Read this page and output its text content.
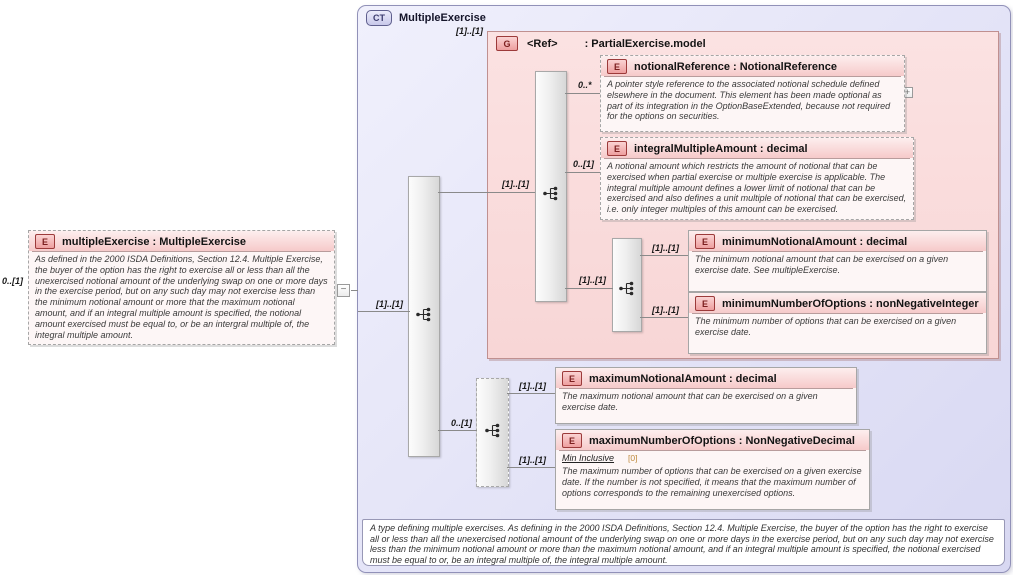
CT	MultipleExercise
G	<Ref> : PartialExercise.model
−
+
0..[1]
[1]..[1]
[1]..[1]
[1]..[1]
0..[1]
0..*
0..[1]
[1]..[1]
[1]..[1]
[1]..[1]
[1]..[1]
[1]..[1]
E	multipleExercise : MultipleExercise
As defined in the 2000 ISDA Definitions, Section 12.4. Multiple Exercise, the buyer of the option has the right to exercise all or less than all the unexercised notional amount of the underlying swap on one or more days in the exercise period, but on any such day may not exercise less than the minimum notional amount or more that the maximum notional amount, and if an integral multiple amount is specified, the notional amount exercised must be equal to, or be an intergral multiple of, the integral multiple amount.
E	notionalReference : NotionalReference
A pointer style reference to the associated notional schedule defined elsewhere in the document. This element has been made optional as part of its integration in the OptionBaseExtended, because not required for the options on securities.
E	integralMultipleAmount : decimal
A notional amount which restricts the amount of notional that can be exercised when partial exercise or multiple exercise is applicable. The integral multiple amount defines a lower limit of notional that can be exercised and also defines a unit multiple of notional that can be exercised, i.e. only integer multiples of this amount can be exercised.
E	minimumNotionalAmount : decimal
The minimum notional amount that can be exercised on a given exercise date. See multipleExercise.
E	minimumNumberOfOptions : nonNegativeInteger
The minimum number of options that can be exercised on a given exercise date.
E	maximumNotionalAmount : decimal
The maximum notional amount that can be exercised on a given exercise date.
E	maximumNumberOfOptions : NonNegativeDecimal
Min Inclusive [0]
The maximum number of options that can be exercised on a given exercise date. If the number is not specified, it means that the maximum number of options corresponds to the remaining unexercised options.
A type defining multiple exercises. As defining in the 2000 ISDA Definitions, Section 12.4. Multiple Exercise, the buyer of the option has the right to exercise all or less than all the unexercised notional amount of the underlying swap on one or more days in the exercise period, but on any such day may not exercise less than the minimum notional amount or more than the maximum notional amount, and if an integral multiple amount is specified, the notional exercised must be equal to or, be an integral multiple of, the integral multiple amount.
